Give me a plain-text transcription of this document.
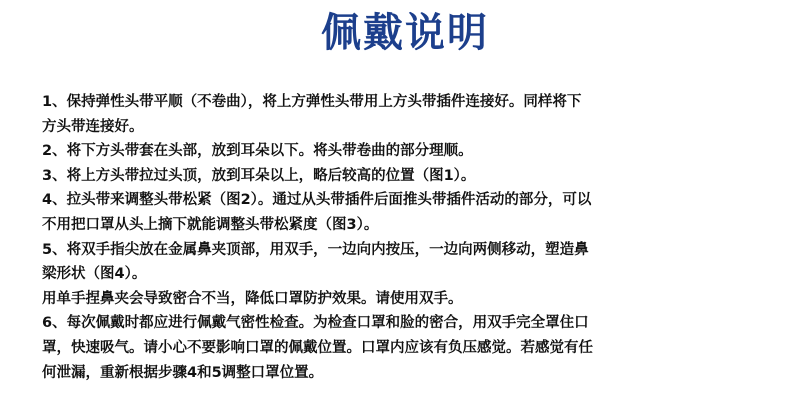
佩戴说明
1、保持弹性头带平顺（不卷曲），将上方弹性头带用上方头带插件连接好。同样将下
方头带连接好。
2、将下方头带套在头部，放到耳朵以下。将头带卷曲的部分理顺。
3、将上方头带拉过头顶，放到耳朵以上，略后较高的位置（图1）。
4、拉头带来调整头带松紧（图2）。通过从头带插件后面推头带插件活动的部分，可以
不用把口罩从头上摘下就能调整头带松紧度（图3）。
5、将双手指尖放在金属鼻夹顶部，用双手，一边向内按压，一边向两侧移动，塑造鼻
梁形状（图4）。
用单手捏鼻夹会导致密合不当，降低口罩防护效果。请使用双手。
6、每次佩戴时都应进行佩戴气密性检查。为检查口罩和脸的密合，用双手完全罩住口
罩，快速吸气。请小心不要影响口罩的佩戴位置。口罩内应该有负压感觉。若感觉有任
何泄漏，重新根据步骤4和5调整口罩位置。
